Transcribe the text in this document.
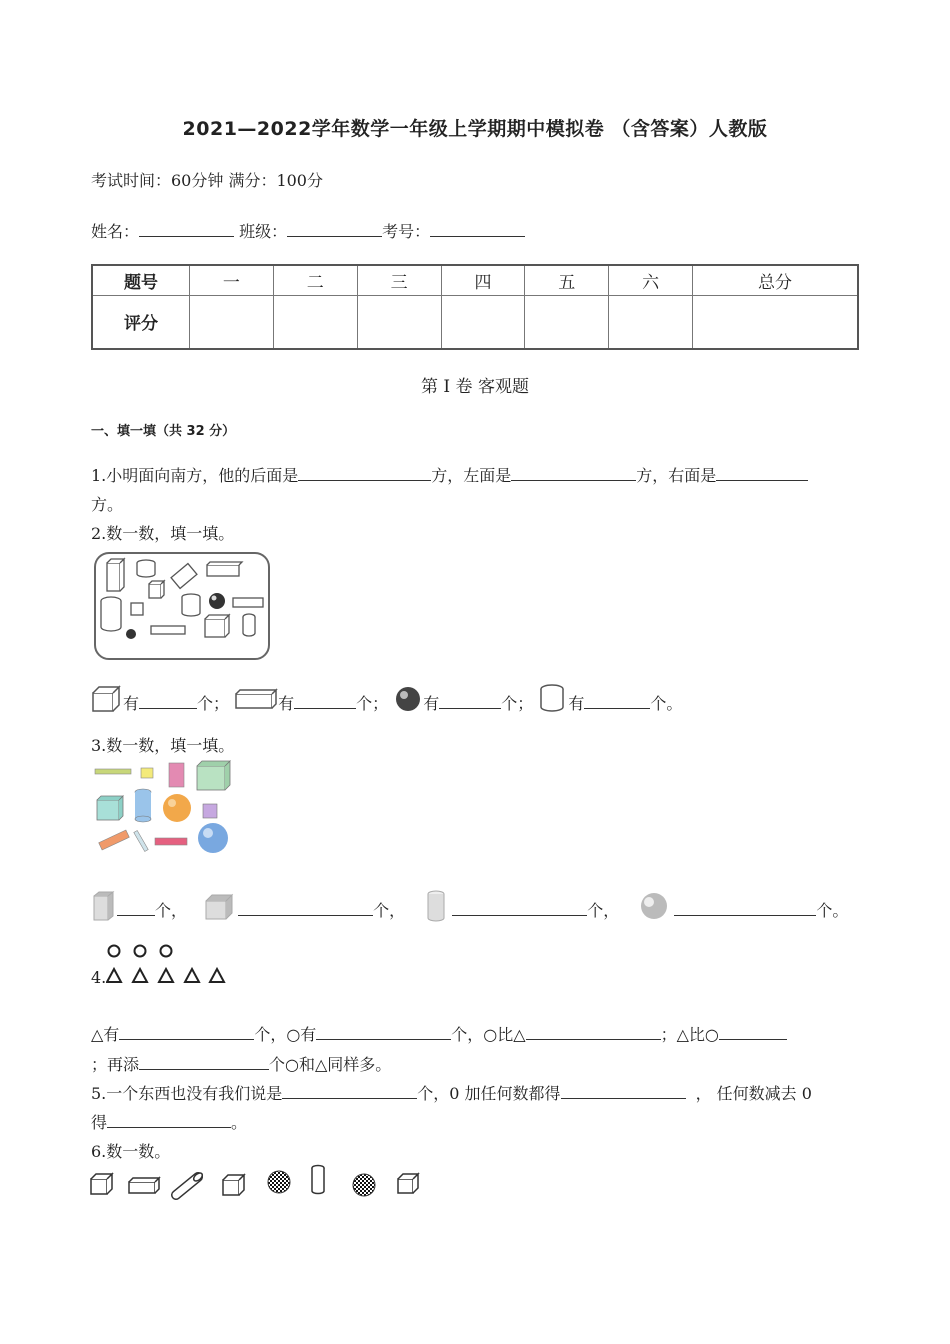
2021—2022学年数学一年级上学期期中模拟卷 （含答案）人教版
考试时间：60分钟 满分：100分
姓名：	班级：	考号：
题号	一	二	三	四	五	六	总分
评分							
第 I 卷 客观题
一、填一填（共 32 分）
1.小明面向南方，他的后面是	方，左面是	方，右面是
方。
2.数一数，填一填。
有	个；	有	个； 有	个； 有	个。
3.数一数，填一填。
个，	个，	个，	个。
4.
△有	个，○有	个，○比△	；△比○
；再添	个○和△同样多。
5.一个东西也没有我们说是	个，0 加任何数都得	， 任何数减去 0
得	。
6.数一数。
